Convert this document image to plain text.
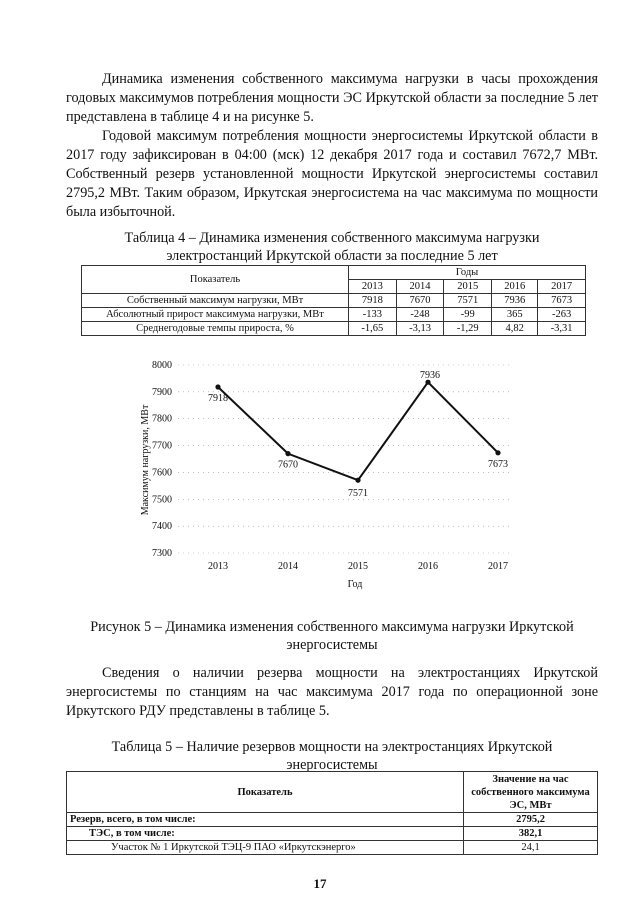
Динамика изменения собственного максимума нагрузки в часы прохождения годовых максимумов потребления мощности ЭС Иркутской области за последние 5 лет представлена в таблице 4 и на рисунке 5.

Годовой максимум потребления мощности энергосистемы Иркутской области в 2017 году зафиксирован в 04:00 (мск) 12 декабря 2017 года и составил 7672,7 МВт. Собственный резерв установленной мощности Иркутской энергосистемы составил 2795,2 МВт. Таким образом, Иркутская энергосистема на час максимума по мощности была избыточной.

Таблица 4 – Динамика изменения собственного максимума нагрузки
электростанций Иркутской области за последние 5 лет
Показатель	Годы				
	2013	2014	2015	2016	2017
Собственный максимум нагрузки, МВт	7918	7670	7571	7936	7673
Абсолютный прирост максимума нагрузки, МВт	-133	-248	-99	365	-263
Среднегодовые темпы прироста, %	-1,65	-3,13	-1,29	4,82	-3,31
7300
7400
7500
7600
7700
7800
7900
8000
2013	2014	2015	2016	2017
7918
7670
7571
7936
7673
Максимум нагрузки, МВт
Год
Рисунок 5 – Динамика изменения собственного максимума нагрузки Иркутской
энергосистемы

Сведения о наличии резерва мощности на электростанциях Иркутской энергосистемы по станциям на час максимума 2017 года по операционной зоне Иркутского РДУ представлены в таблице 5.

Таблица 5 – Наличие резервов мощности на электростанциях Иркутской
энергосистемы
Показатель	Значение на час собственного максимума ЭС, МВт
Резерв, всего, в том числе:	2795,2
ТЭС, в том числе:	382,1
Участок № 1 Иркутской ТЭЦ-9 ПАО «Иркутскэнерго»	24,1
17
